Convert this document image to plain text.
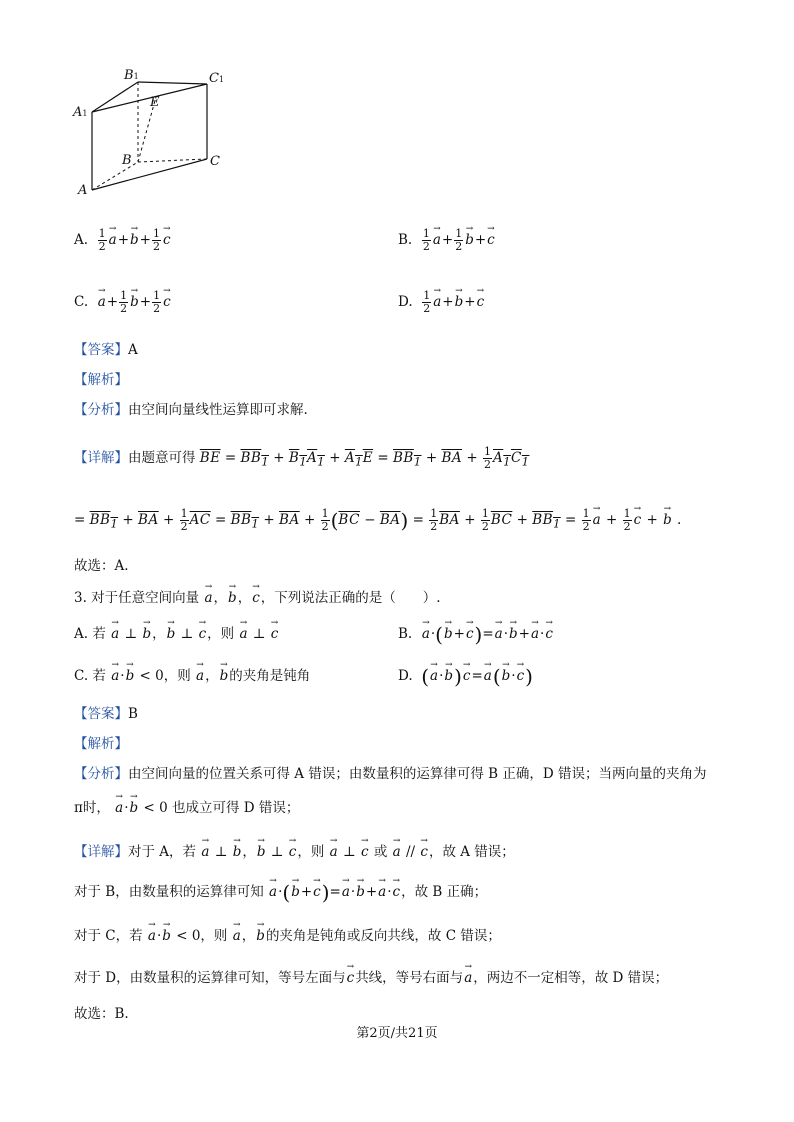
B1	C1
A1
E
B	C
A
A. $\frac{1}{2} \to a+\to b+ \frac{1}{2} \to c$	B. $\frac{1}{2} \to a+ \frac{1}{2} \to b+\to c$
C. → $a+ \frac{1}{2} \to b+ \frac{1}{2} \to c$	D. $\frac{1}{2} \to a+\to b+\to c$
【答案】A
【解析】
【分析】由空间向量线性运算即可求解.
【详解】由题意可得 $\overline{BE} = BB_1 + B_1A_1 + A_1E = BB_1 + \overline{BA} + \frac{1}{2} A_1C_1$
= $BB_1 + \overline{BA} + \frac{1}{2} \overline{AC} = BB_1 + \overline{BA} + \frac{1}{2} (\overline{BC} - \overline{BA}) = \frac{1}{2} \overline{BA} + \frac{1}{2} \overline{BC} + BB_1 = \frac{1}{2} \to a + \frac{1}{2} \to c$ + → b .
故选：A.
3. 对于任意空间向量 → a，→ b，→ c，下列说法正确的是（　　）.
A. 若 → a ⊥ → b，→ b ⊥ → c，则 → a ⊥ → c	B. → a·(→ b+→ c)=→ a·→ b+→ a·→ c
C. 若 → a·→ b < 0，则 → a，→ b的夹角是钝角	D. (→ a·→ b)→ c=→ a(→ b·→ c)
【答案】B
【解析】
【分析】由空间向量的位置关系可得 A 错误；由数量积的运算律可得 B 正确，D 错误；当两向量的夹角为
π时， → a·→ b < 0 也成立可得 D 错误；
【详解】对于 A，若 → a ⊥ → b，→ b ⊥ → c，则 → a ⊥ → c 或 → a // → c，故 A 错误；
对于 B，由数量积的运算律可知 → a·(→ b+→ c)=→ a·→ b+→ a·→ c，故 B 正确；
对于 C，若 → a·→ b < 0，则 → a，→ b的夹角是钝角或反向共线，故 C 错误；
对于 D，由数量积的运算律可知，等号左面与→ c共线，等号右面与→ a，两边不一定相等，故 D 错误；
故选：B.
第2页/共21页
